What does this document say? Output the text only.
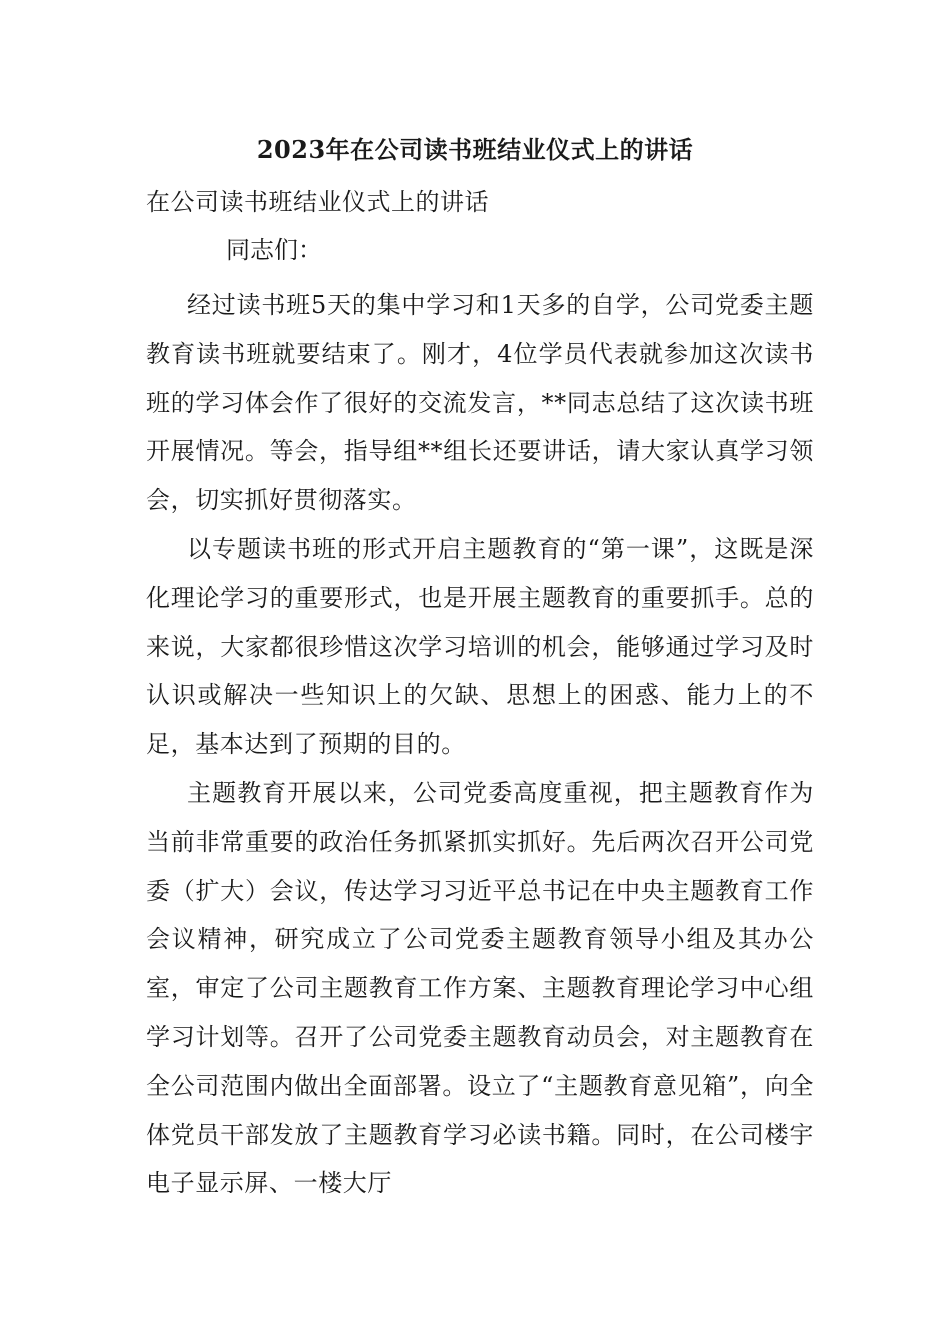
2023年在公司读书班结业仪式上的讲话

在公司读书班结业仪式上的讲话

同志们：

经过读书班5天的集中学习和1天多的自学，公司党委主题教育读书班就要结束了。刚才，4位学员代表就参加这次读书班的学习体会作了很好的交流发言，**同志总结了这次读书班开展情况。等会，指导组**组长还要讲话，请大家认真学习领会，切实抓好贯彻落实。

以专题读书班的形式开启主题教育的“第一课”，这既是深化理论学习的重要形式，也是开展主题教育的重要抓手。总的来说，大家都很珍惜这次学习培训的机会，能够通过学习及时认识或解决一些知识上的欠缺、思想上的困惑、能力上的不足，基本达到了预期的目的。

主题教育开展以来，公司党委高度重视，把主题教育作为当前非常重要的政治任务抓紧抓实抓好。先后两次召开公司党委（扩大）会议，传达学习习近平总书记在中央主题教育工作会议精神，研究成立了公司党委主题教育领导小组及其办公室，审定了公司主题教育工作方案、主题教育理论学习中心组学习计划等。召开了公司党委主题教育动员会，对主题教育在全公司范围内做出全面部署。设立了“主题教育意见箱”，向全体党员干部发放了主题教育学习必读书籍。同时，在公司楼宇电子显示屏、一楼大厅
